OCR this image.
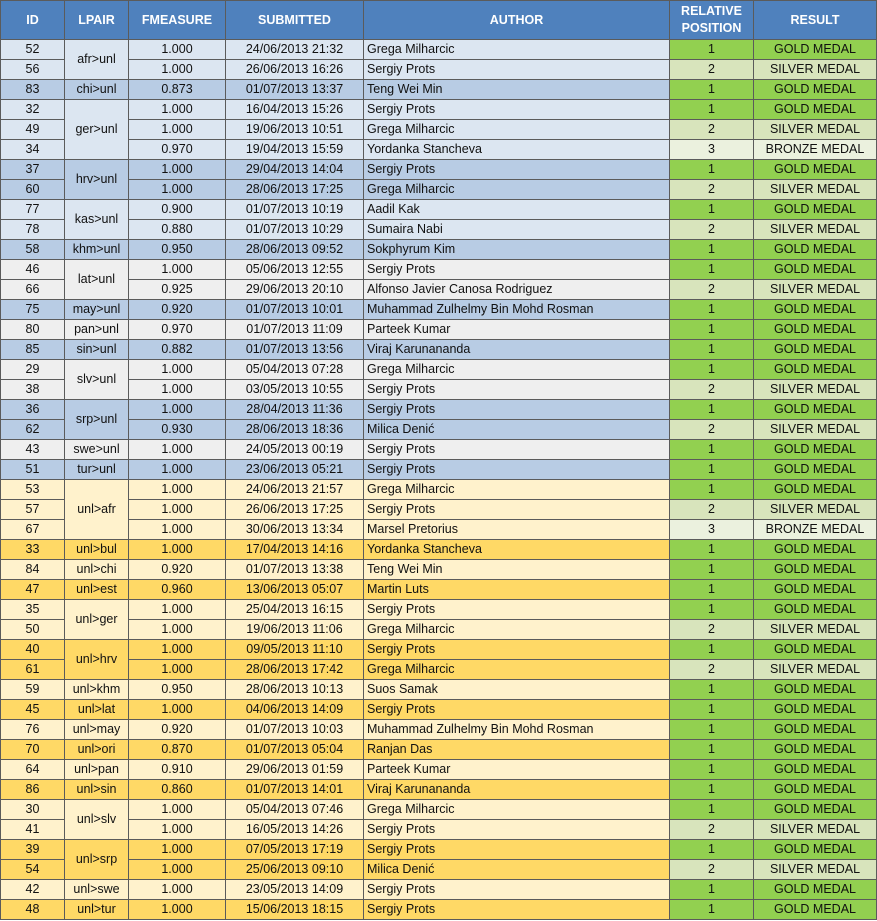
ID	LPAIR	FMEASURE	SUBMITTED	AUTHOR	RELATIVE POSITION	RESULT
52	afr>unl	1.000	24/06/2013 21:32	Grega Milharcic	1	GOLD MEDAL
56		1.000	26/06/2013 16:26	Sergiy Prots	2	SILVER MEDAL
83	chi>unl	0.873	01/07/2013 13:37	Teng Wei Min	1	GOLD MEDAL
32	ger>unl	1.000	16/04/2013 15:26	Sergiy Prots	1	GOLD MEDAL
49		1.000	19/06/2013 10:51	Grega Milharcic	2	SILVER MEDAL
34		0.970	19/04/2013 15:59	Yordanka Stancheva	3	BRONZE MEDAL
37	hrv>unl	1.000	29/04/2013 14:04	Sergiy Prots	1	GOLD MEDAL
60		1.000	28/06/2013 17:25	Grega Milharcic	2	SILVER MEDAL
77	kas>unl	0.900	01/07/2013 10:19	Aadil Kak	1	GOLD MEDAL
78		0.880	01/07/2013 10:29	Sumaira Nabi	2	SILVER MEDAL
58	khm>unl	0.950	28/06/2013 09:52	Sokphyrum Kim	1	GOLD MEDAL
46	lat>unl	1.000	05/06/2013 12:55	Sergiy Prots	1	GOLD MEDAL
66		0.925	29/06/2013 20:10	Alfonso Javier Canosa Rodriguez	2	SILVER MEDAL
75	may>unl	0.920	01/07/2013 10:01	Muhammad Zulhelmy Bin Mohd Rosman	1	GOLD MEDAL
80	pan>unl	0.970	01/07/2013 11:09	Parteek Kumar	1	GOLD MEDAL
85	sin>unl	0.882	01/07/2013 13:56	Viraj Karunananda	1	GOLD MEDAL
29	slv>unl	1.000	05/04/2013 07:28	Grega Milharcic	1	GOLD MEDAL
38		1.000	03/05/2013 10:55	Sergiy Prots	2	SILVER MEDAL
36	srp>unl	1.000	28/04/2013 11:36	Sergiy Prots	1	GOLD MEDAL
62		0.930	28/06/2013 18:36	Milica Denić	2	SILVER MEDAL
43	swe>unl	1.000	24/05/2013 00:19	Sergiy Prots	1	GOLD MEDAL
51	tur>unl	1.000	23/06/2013 05:21	Sergiy Prots	1	GOLD MEDAL
53	unl>afr	1.000	24/06/2013 21:57	Grega Milharcic	1	GOLD MEDAL
57		1.000	26/06/2013 17:25	Sergiy Prots	2	SILVER MEDAL
67		1.000	30/06/2013 13:34	Marsel Pretorius	3	BRONZE MEDAL
33	unl>bul	1.000	17/04/2013 14:16	Yordanka Stancheva	1	GOLD MEDAL
84	unl>chi	0.920	01/07/2013 13:38	Teng Wei Min	1	GOLD MEDAL
47	unl>est	0.960	13/06/2013 05:07	Martin Luts	1	GOLD MEDAL
35	unl>ger	1.000	25/04/2013 16:15	Sergiy Prots	1	GOLD MEDAL
50		1.000	19/06/2013 11:06	Grega Milharcic	2	SILVER MEDAL
40	unl>hrv	1.000	09/05/2013 11:10	Sergiy Prots	1	GOLD MEDAL
61		1.000	28/06/2013 17:42	Grega Milharcic	2	SILVER MEDAL
59	unl>khm	0.950	28/06/2013 10:13	Suos Samak	1	GOLD MEDAL
45	unl>lat	1.000	04/06/2013 14:09	Sergiy Prots	1	GOLD MEDAL
76	unl>may	0.920	01/07/2013 10:03	Muhammad Zulhelmy Bin Mohd Rosman	1	GOLD MEDAL
70	unl>ori	0.870	01/07/2013 05:04	Ranjan Das	1	GOLD MEDAL
64	unl>pan	0.910	29/06/2013 01:59	Parteek Kumar	1	GOLD MEDAL
86	unl>sin	0.860	01/07/2013 14:01	Viraj Karunananda	1	GOLD MEDAL
30	unl>slv	1.000	05/04/2013 07:46	Grega Milharcic	1	GOLD MEDAL
41		1.000	16/05/2013 14:26	Sergiy Prots	2	SILVER MEDAL
39	unl>srp	1.000	07/05/2013 17:19	Sergiy Prots	1	GOLD MEDAL
54		1.000	25/06/2013 09:10	Milica Denić	2	SILVER MEDAL
42	unl>swe	1.000	23/05/2013 14:09	Sergiy Prots	1	GOLD MEDAL
48	unl>tur	1.000	15/06/2013 18:15	Sergiy Prots	1	GOLD MEDAL
